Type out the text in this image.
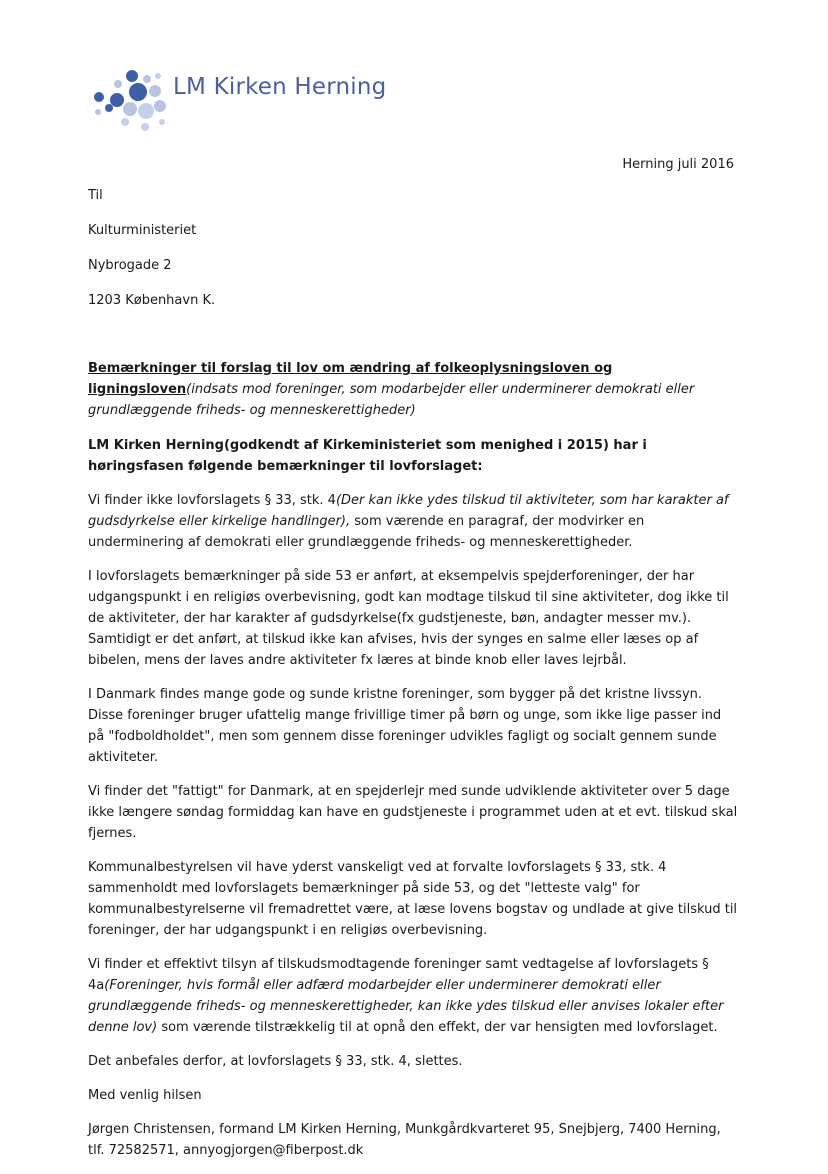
LM Kirken Herning
Herning juli 2016
Til
Kulturministeriet
Nybrogade 2
1203 København K.

Bemærkninger til forslag til lov om ændring af folkeoplysningsloven og ligningsloven(indsats mod foreninger, som modarbejder eller underminerer demokrati eller grundlæggende friheds- og menneskerettigheder)

LM Kirken Herning(godkendt af Kirkeministeriet som menighed i 2015) har i høringsfasen følgende bemærkninger til lovforslaget:

Vi finder ikke lovforslagets § 33, stk. 4(Der kan ikke ydes tilskud til aktiviteter, som har karakter af gudsdyrkelse eller kirkelige handlinger), som værende en paragraf, der modvirker en underminering af demokrati eller grundlæggende friheds- og menneskerettigheder.

I lovforslagets bemærkninger på side 53 er anført, at eksempelvis spejderforeninger, der har udgangspunkt i en religiøs overbevisning, godt kan modtage tilskud til sine aktiviteter, dog ikke til de aktiviteter, der har karakter af gudsdyrkelse(fx gudstjeneste, bøn, andagter messer mv.). Samtidigt er det anført, at tilskud ikke kan afvises, hvis der synges en salme eller læses op af bibelen, mens der laves andre aktiviteter fx læres at binde knob eller laves lejrbål.

I Danmark findes mange gode og sunde kristne foreninger, som bygger på det kristne livssyn. Disse foreninger bruger ufattelig mange frivillige timer på børn og unge, som ikke lige passer ind på "fodboldholdet", men som gennem disse foreninger udvikles fagligt og socialt gennem sunde aktiviteter.

Vi finder det "fattigt" for Danmark, at en spejderlejr med sunde udviklende aktiviteter over 5 dage ikke længere søndag formiddag kan have en gudstjeneste i programmet uden at et evt. tilskud skal fjernes.

Kommunalbestyrelsen vil have yderst vanskeligt ved at forvalte lovforslagets § 33, stk. 4 sammenholdt med lovforslagets bemærkninger på side 53, og det "letteste valg" for kommunalbestyrelserne vil fremadrettet være, at læse lovens bogstav og undlade at give tilskud til foreninger, der har udgangspunkt i en religiøs overbevisning.

Vi finder et effektivt tilsyn af tilskudsmodtagende foreninger samt vedtagelse af lovforslagets § 4a(Foreninger, hvis formål eller adfærd modarbejder eller underminerer demokrati eller grundlæggende friheds- og menneskerettigheder, kan ikke ydes tilskud eller anvises lokaler efter denne lov) som værende tilstrækkelig til at opnå den effekt, der var hensigten med lovforslaget.

Det anbefales derfor, at lovforslagets § 33, stk. 4, slettes.

Med venlig hilsen

Jørgen Christensen, formand LM Kirken Herning, Munkgårdkvarteret 95, Snejbjerg, 7400 Herning, tlf. 72582571, annyogjorgen@fiberpost.dk
